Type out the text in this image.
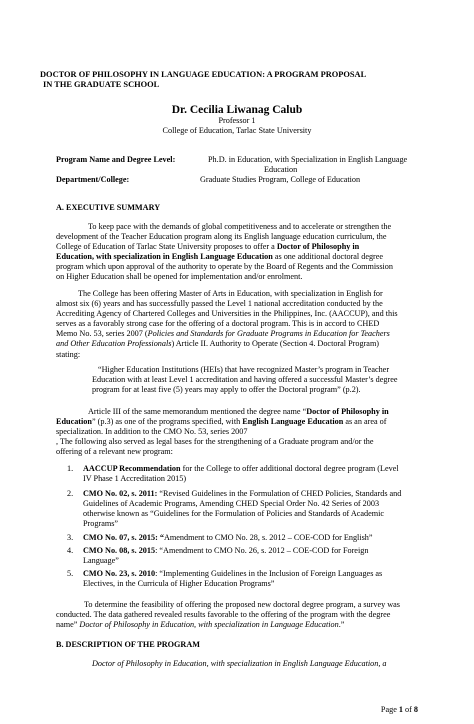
DOCTOR OF PHILOSOPHY IN LANGUAGE EDUCATION: A PROGRAM PROPOSAL
IN THE GRADUATE SCHOOL
Dr. Cecilia Liwanag Calub
Professor 1
College of Education, Tarlac State University
Program Name and Degree Level:	Ph.D. in Education, with Specialization in English Language
Education
Department/College:	Graduate Studies Program, College of Education
A. EXECUTIVE SUMMARY
To keep pace with the demands of global competitiveness and to accelerate or strengthen the
development of the Teacher Education program along its English language education curriculum, the
College of Education of Tarlac State University proposes to offer a Doctor of Philosophy in
Education, with specialization in English Language Education as one additional doctoral degree
program which upon approval of the authority to operate by the Board of Regents and the Commission
on Higher Education shall be opened for implementation and/or enrolment.
The College has been offering Master of Arts in Education, with specialization in English for
almost six (6) years and has successfully passed the Level 1 national accreditation conducted by the
Accrediting Agency of Chartered Colleges and Universities in the Philippines, Inc. (AACCUP), and this
serves as a favorably strong case for the offering of a doctoral program. This is in accord to CHED
Memo No. 53, series 2007 (Policies and Standards for Graduate Programs in Education for Teachers
and Other Education Professionals) Article II. Authority to Operate (Section 4. Doctoral Program)
stating:
“Higher Education Institutions (HEIs) that have recognized Master’s program in Teacher
Education with at least Level 1 accreditation and having offered a successful Master’s degree
program for at least five (5) years may apply to offer the Doctoral program” (p.2).
Article III of the same memorandum mentioned the degree name “Doctor of Philosophy in
Education” (p.3) as one of the programs specified, with English Language Education as an area of
specialization. In addition to the CMO No. 53, series 2007
, The following also served as legal bases for the strengthening of a Graduate program and/or the
offering of a relevant new program:
1.	AACCUP Recommendation for the College to offer additional doctoral degree program (Level
IV Phase 1 Accreditation 2015)
2.	CMO No. 02, s. 2011: “Revised Guidelines in the Formulation of CHED Policies, Standards and
Guidelines of Academic Programs, Amending CHED Special Order No. 42 Series of 2003
otherwise known as “Guidelines for the Formulation of Policies and Standards of Academic
Programs”
3.	CMO No. 07, s. 2015: “Amendment to CMO No. 28, s. 2012 – COE-COD for English”
4.	CMO No. 08, s. 2015: “Amendment to CMO No. 26, s. 2012 – COE-COD for Foreign
Language”
5.	CMO No. 23, s. 2010: “Implementing Guidelines in the Inclusion of Foreign Languages as
Electives, in the Curricula of Higher Education Programs”
To determine the feasibility of offering the proposed new doctoral degree program, a survey was
conducted. The data gathered revealed results favorable to the offering of the program with the degree
name” Doctor of Philosophy in Education, with specialization in Language Education.”
B. DESCRIPTION OF THE PROGRAM
Doctor of Philosophy in Education, with specialization in English Language Education, a
Page 1 of 8
